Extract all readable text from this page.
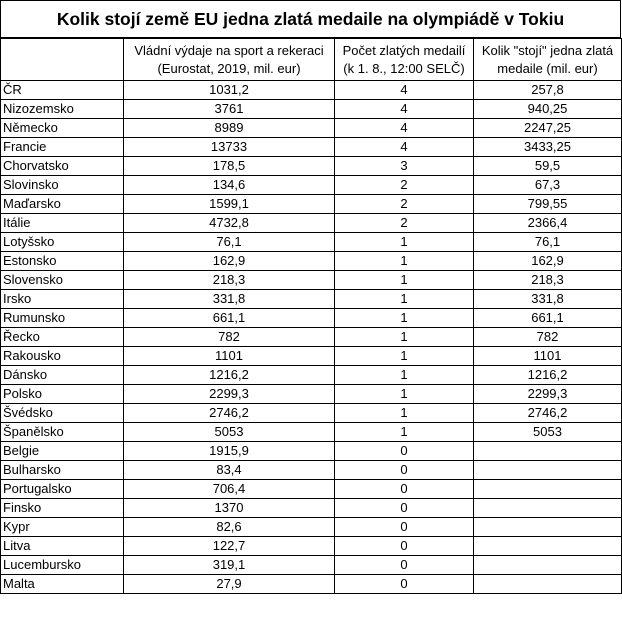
Kolik stojí země EU jedna zlatá medaile na olympiádě v Tokiu
	Vládní výdaje na sport a rekeraci (Eurostat, 2019, mil. eur)	Počet zlatých medailí (k 1. 8., 12:00 SELČ)	Kolik "stojí" jedna zlatá medaile (mil. eur)
ČR	1031,2	4	257,8
Nizozemsko	3761	4	940,25
Německo	8989	4	2247,25
Francie	13733	4	3433,25
Chorvatsko	178,5	3	59,5
Slovinsko	134,6	2	67,3
Maďarsko	1599,1	2	799,55
Itálie	4732,8	2	2366,4
Lotyšsko	76,1	1	76,1
Estonsko	162,9	1	162,9
Slovensko	218,3	1	218,3
Irsko	331,8	1	331,8
Rumunsko	661,1	1	661,1
Řecko	782	1	782
Rakousko	1101	1	1101
Dánsko	1216,2	1	1216,2
Polsko	2299,3	1	2299,3
Švédsko	2746,2	1	2746,2
Španělsko	5053	1	5053
Belgie	1915,9	0	
Bulharsko	83,4	0	
Portugalsko	706,4	0	
Finsko	1370	0	
Kypr	82,6	0	
Litva	122,7	0	
Lucembursko	319,1	0	
Malta	27,9	0	
